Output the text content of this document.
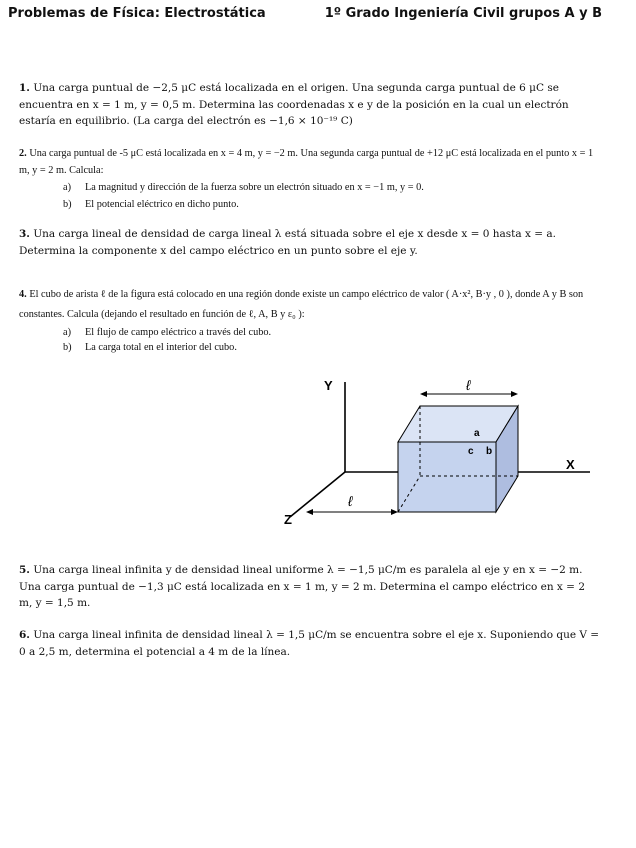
Problemas de Física: Electrostática	1º Grado Ingeniería Civil grupos A y B
1. Una carga puntual de −2,5 μC está localizada en el origen. Una segunda carga puntual de 6 μC se encuentra en x = 1 m, y = 0,5 m. Determina las coordenadas x e y de la posición en la cual un electrón estaría en equilibrio. (La carga del electrón es −1,6 × 10⁻¹⁹ C)
2. Una carga puntual de -5 μC está localizada en x = 4 m, y = −2 m. Una segunda carga puntual de +12 μC está localizada en el punto x = 1 m, y = 2 m. Calcula:
a) La magnitud y dirección de la fuerza sobre un electrón situado en x = −1 m, y = 0.
b) El potencial eléctrico en dicho punto.
3. Una carga lineal de densidad de carga lineal λ está situada sobre el eje x desde x = 0 hasta x = a. Determina la componente x del campo eléctrico en un punto sobre el eje y.
4. El cubo de arista ℓ de la figura está colocado en una región donde existe un campo eléctrico de valor ( A·x², B·y , 0 ), donde A y B son constantes. Calcula (dejando el resultado en función de ℓ, A, B y ε₀ ):
a) El flujo de campo eléctrico a través del cubo.
b) La carga total en el interior del cubo.
Y
X
Z
a
c b
ℓ
ℓ
5. Una carga lineal infinita y de densidad lineal uniforme λ = −1,5 μC/m es paralela al eje y en x = −2 m. Una carga puntual de −1,3 μC está localizada en x = 1 m, y = 2 m. Determina el campo eléctrico en x = 2 m, y = 1,5 m.
6. Una carga lineal infinita de densidad lineal λ = 1,5 μC/m se encuentra sobre el eje x. Suponiendo que V = 0 a 2,5 m, determina el potencial a 4 m de la línea.
